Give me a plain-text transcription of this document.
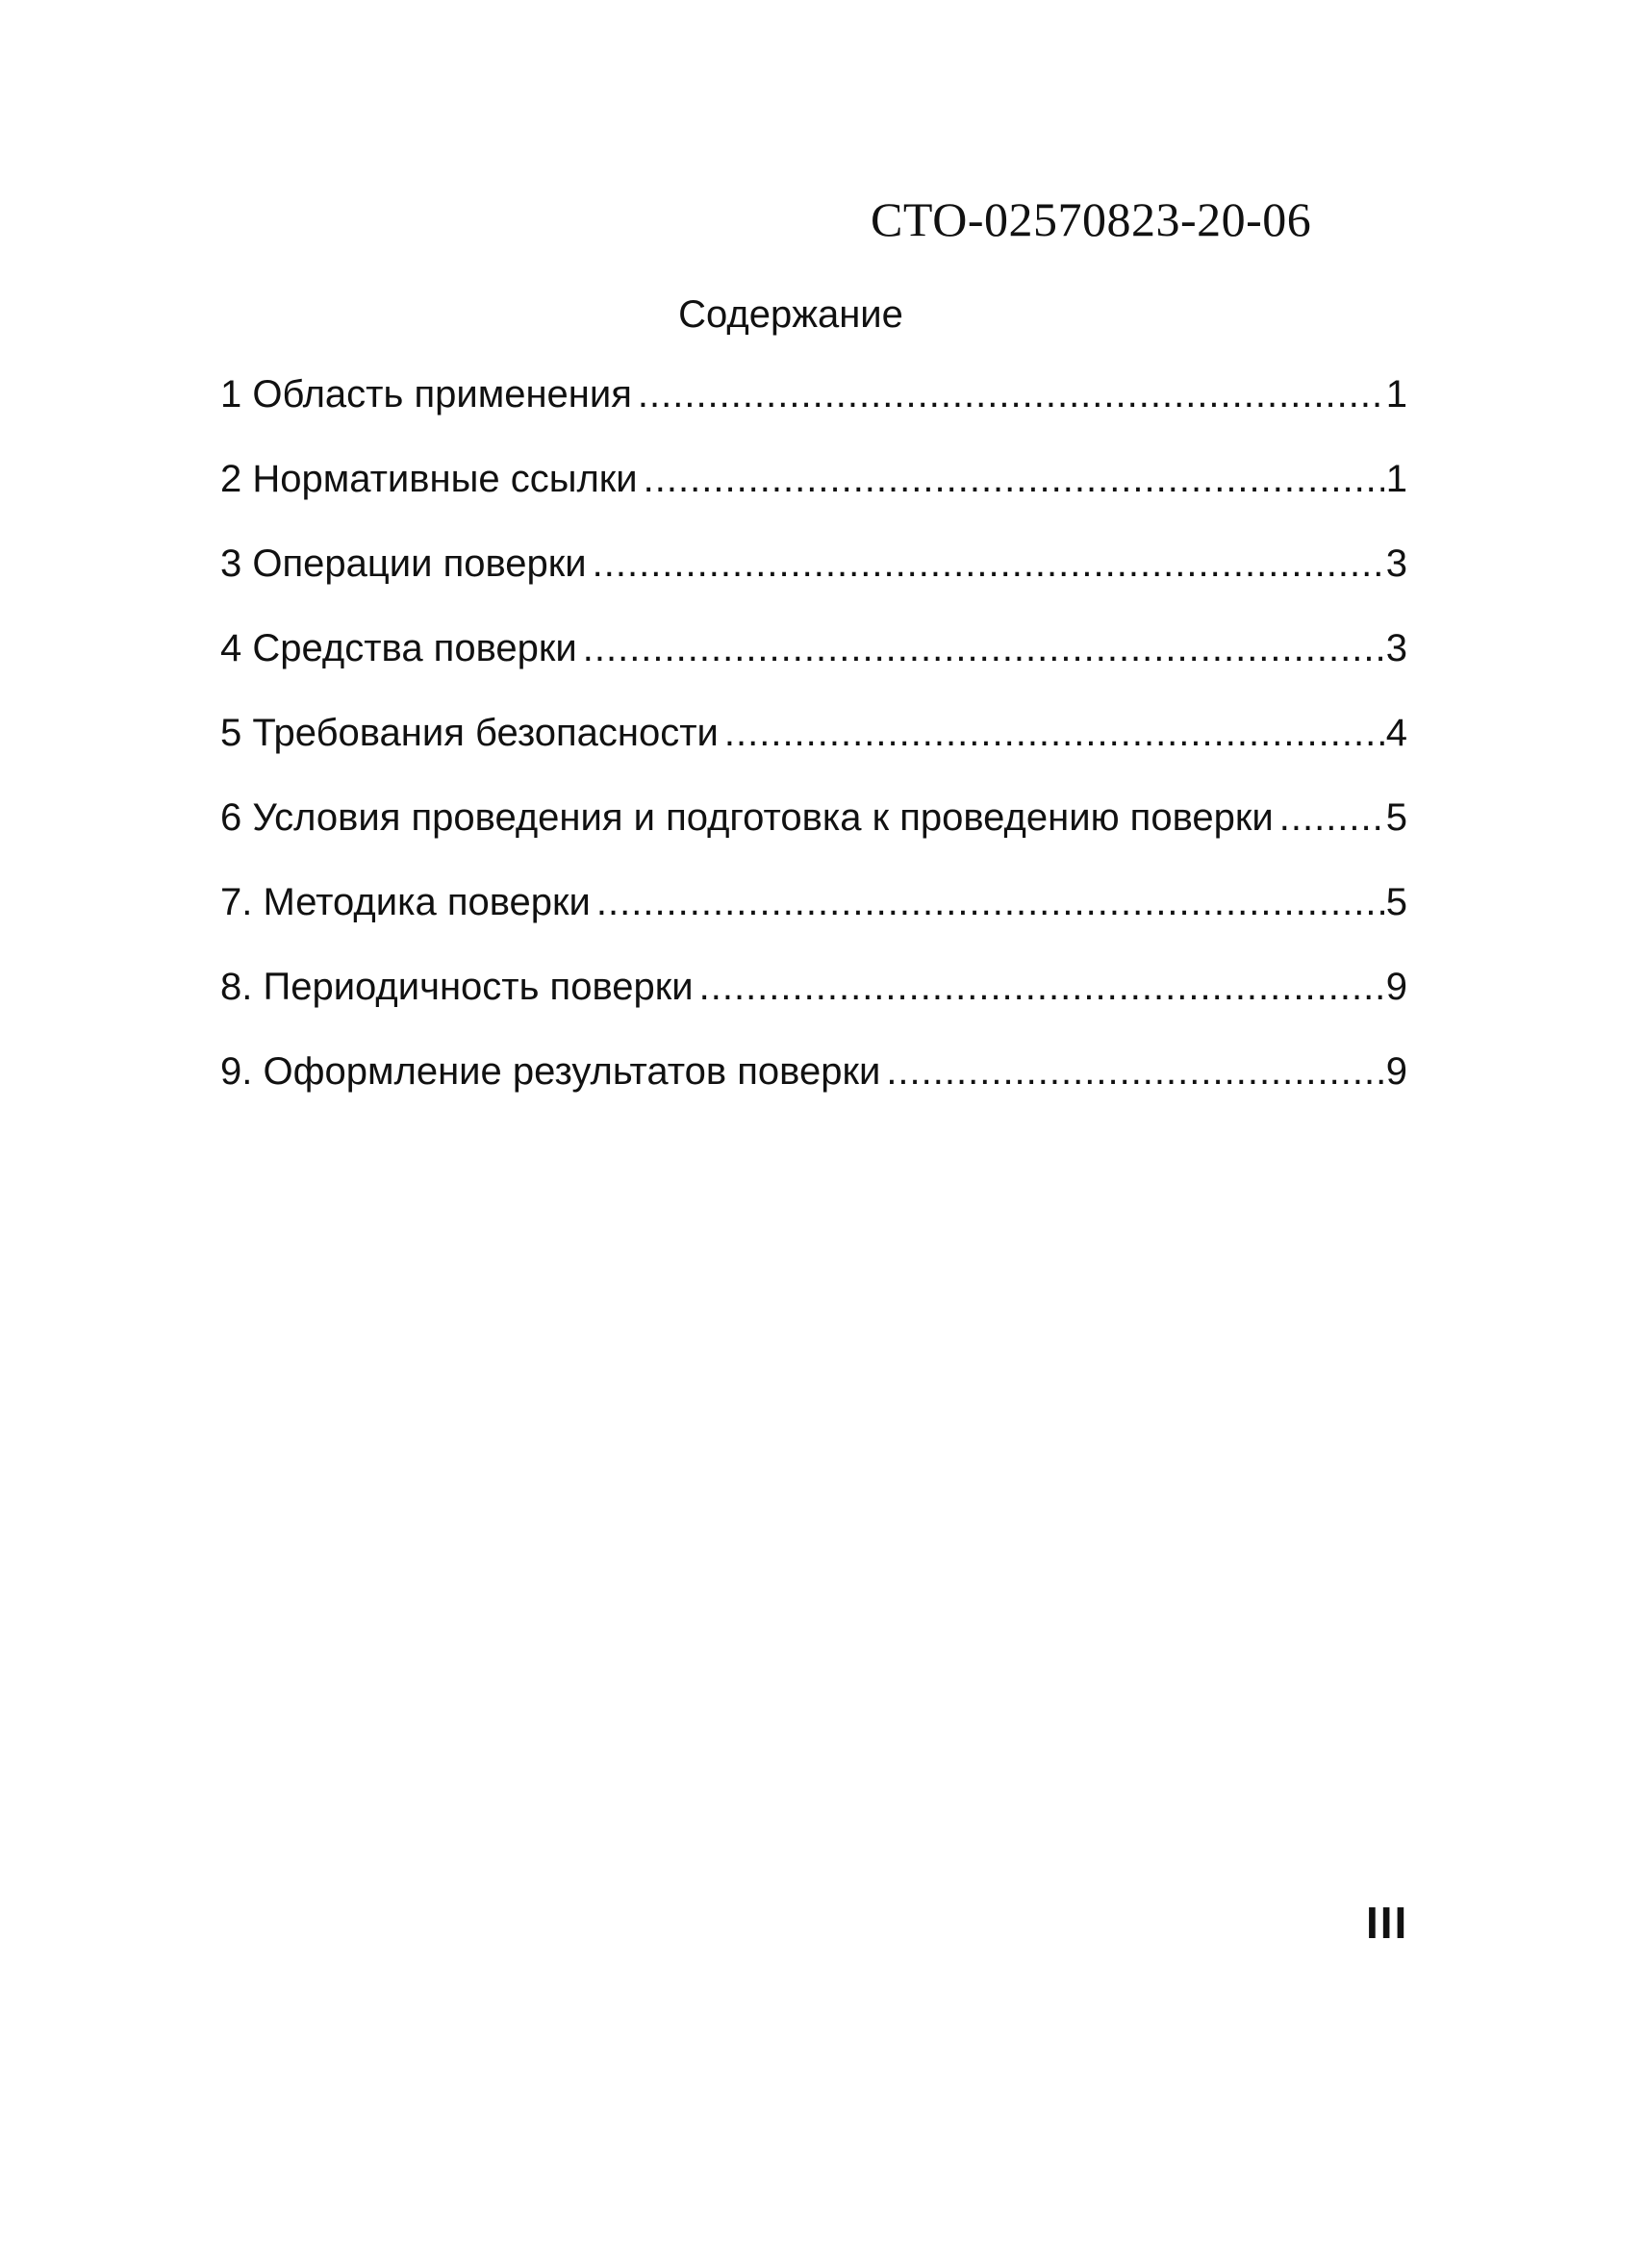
СТО-02570823-20-06
Содержание
1 Область применения .....	1
2 Нормативные ссылки .....	1
3 Операции поверки .....	3
4 Средства поверки .....	3
5 Требования безопасности .....	4
6 Условия проведения и подготовка к проведению поверки .....	5
7. Методика поверки .....	5
8. Периодичность поверки .....	9
9. Оформление результатов поверки .....	9
III
